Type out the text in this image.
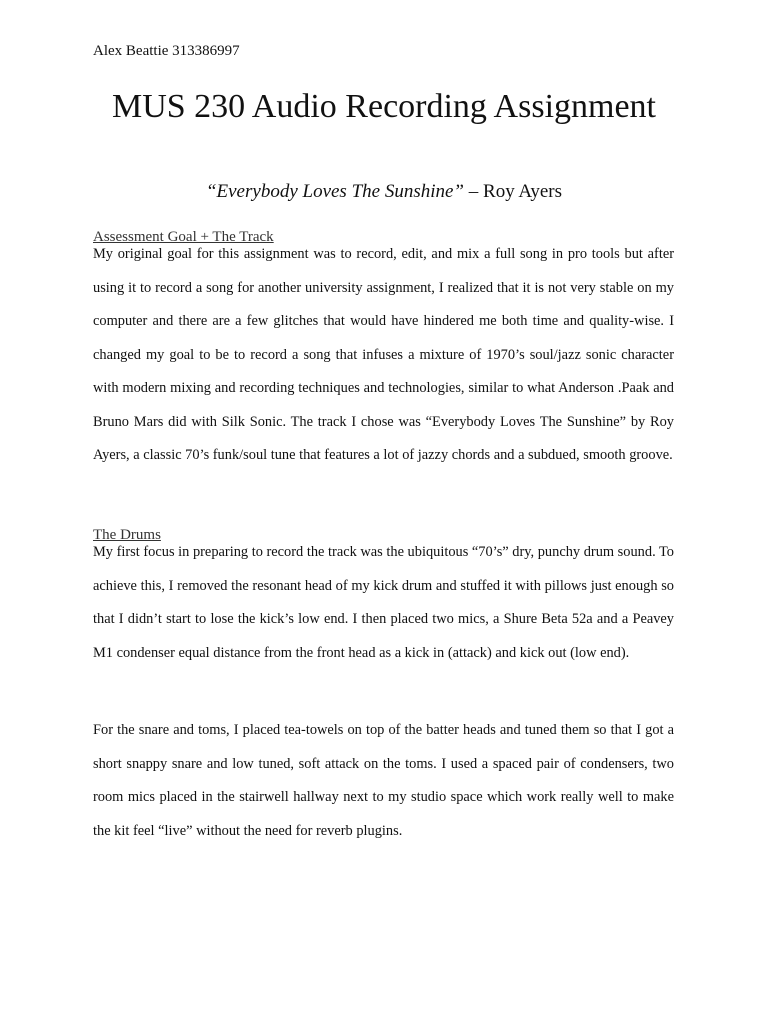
Alex Beattie 313386997
MUS 230 Audio Recording Assignment
“Everybody Loves The Sunshine” – Roy Ayers

Assessment Goal + The Track

My original goal for this assignment was to record, edit, and mix a full song in pro tools but after using it to record a song for another university assignment, I realized that it is not very stable on my computer and there are a few glitches that would have hindered me both time and quality-wise. I changed my goal to be to record a song that infuses a mixture of 1970’s soul/jazz sonic character with modern mixing and recording techniques and technologies, similar to what Anderson .Paak and Bruno Mars did with Silk Sonic. The track I chose was “Everybody Loves The Sunshine” by Roy Ayers, a classic 70’s funk/soul tune that features a lot of jazzy chords and a subdued, smooth groove.

The Drums

My first focus in preparing to record the track was the ubiquitous “70’s” dry, punchy drum sound. To achieve this, I removed the resonant head of my kick drum and stuffed it with pillows just enough so that I didn’t start to lose the kick’s low end. I then placed two mics, a Shure Beta 52a and a Peavey M1 condenser equal distance from the front head as a kick in (attack) and kick out (low end).

For the snare and toms, I placed tea-towels on top of the batter heads and tuned them so that I got a short snappy snare and low tuned, soft attack on the toms. I used a spaced pair of condensers, two room mics placed in the stairwell hallway next to my studio space which work really well to make the kit feel “live” without the need for reverb plugins.
